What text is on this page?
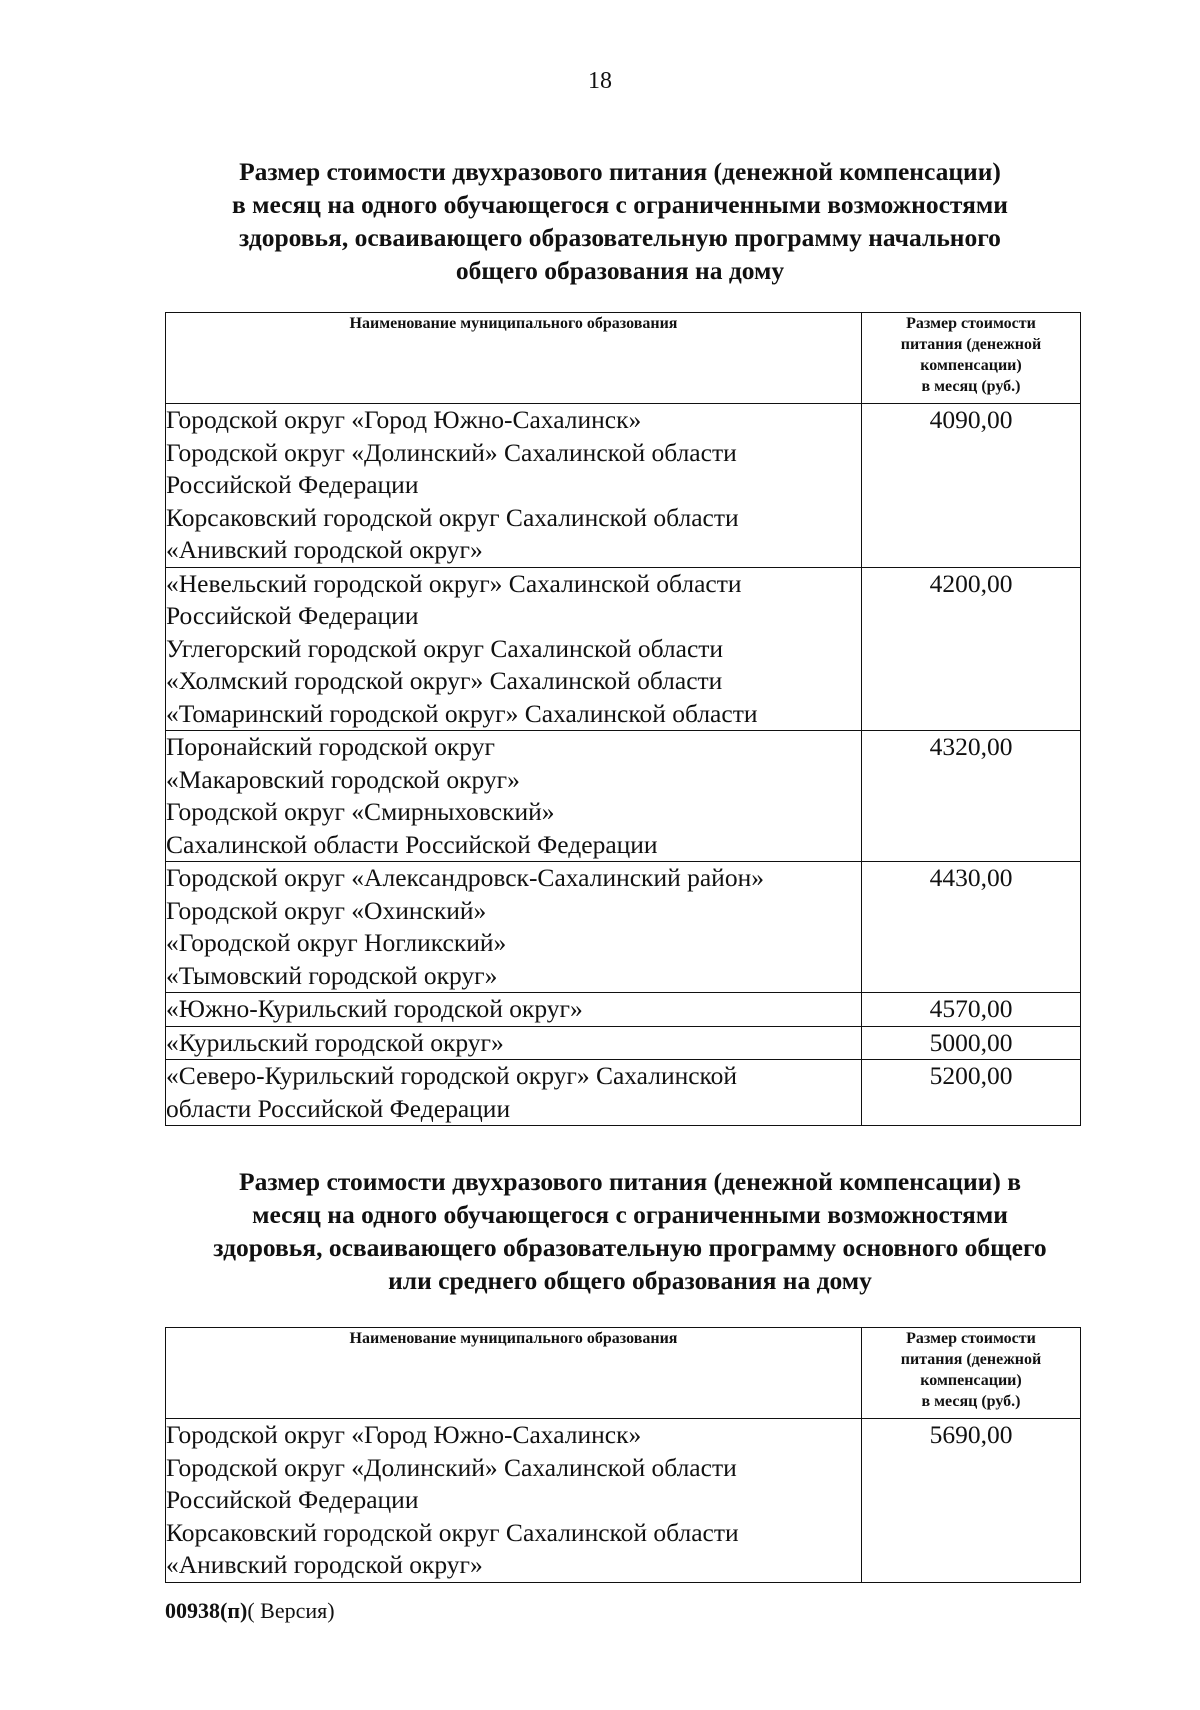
18
Размер стоимости двухразового питания (денежной компенсации)
в месяц на одного обучающегося с ограниченными возможностями
здоровья, осваивающего образовательную программу начального
общего образования на дому
Наименование муниципального образования	Размер стоимости
питания (денежной
компенсации)
в месяц (руб.)

Городской округ «Город Южно-Сахалинск»
Городской округ «Долинский» Сахалинской области
Российской Федерации
Корсаковский городской округ Сахалинской области
«Анивский городской округ»	4090,00

«Невельский городской округ» Сахалинской области
Российской Федерации
Углегорский городской округ Сахалинской области
«Холмский городской округ» Сахалинской области
«Томаринский городской округ» Сахалинской области	4200,00

Поронайский городской округ
«Макаровский городской округ»
Городской округ «Смирныховский»
Сахалинской области Российской Федерации	4320,00

Городской округ «Александровск-Сахалинский район»
Городской округ «Охинский»
«Городской округ Ногликский»
«Тымовский городской округ»	4430,00

«Южно-Курильский городской округ»	4570,00

«Курильский городской округ»	5000,00

«Северо-Курильский городской округ» Сахалинской
области Российской Федерации	5200,00
Размер стоимости двухразового питания (денежной компенсации) в
месяц на одного обучающегося с ограниченными возможностями
здоровья, осваивающего образовательную программу основного общего
или среднего общего образования на дому
Наименование муниципального образования	Размер стоимости
питания (денежной
компенсации)
в месяц (руб.)

Городской округ «Город Южно-Сахалинск»
Городской округ «Долинский» Сахалинской области
Российской Федерации
Корсаковский городской округ Сахалинской области
«Анивский городской округ»	5690,00
00938(п)( Версия)
